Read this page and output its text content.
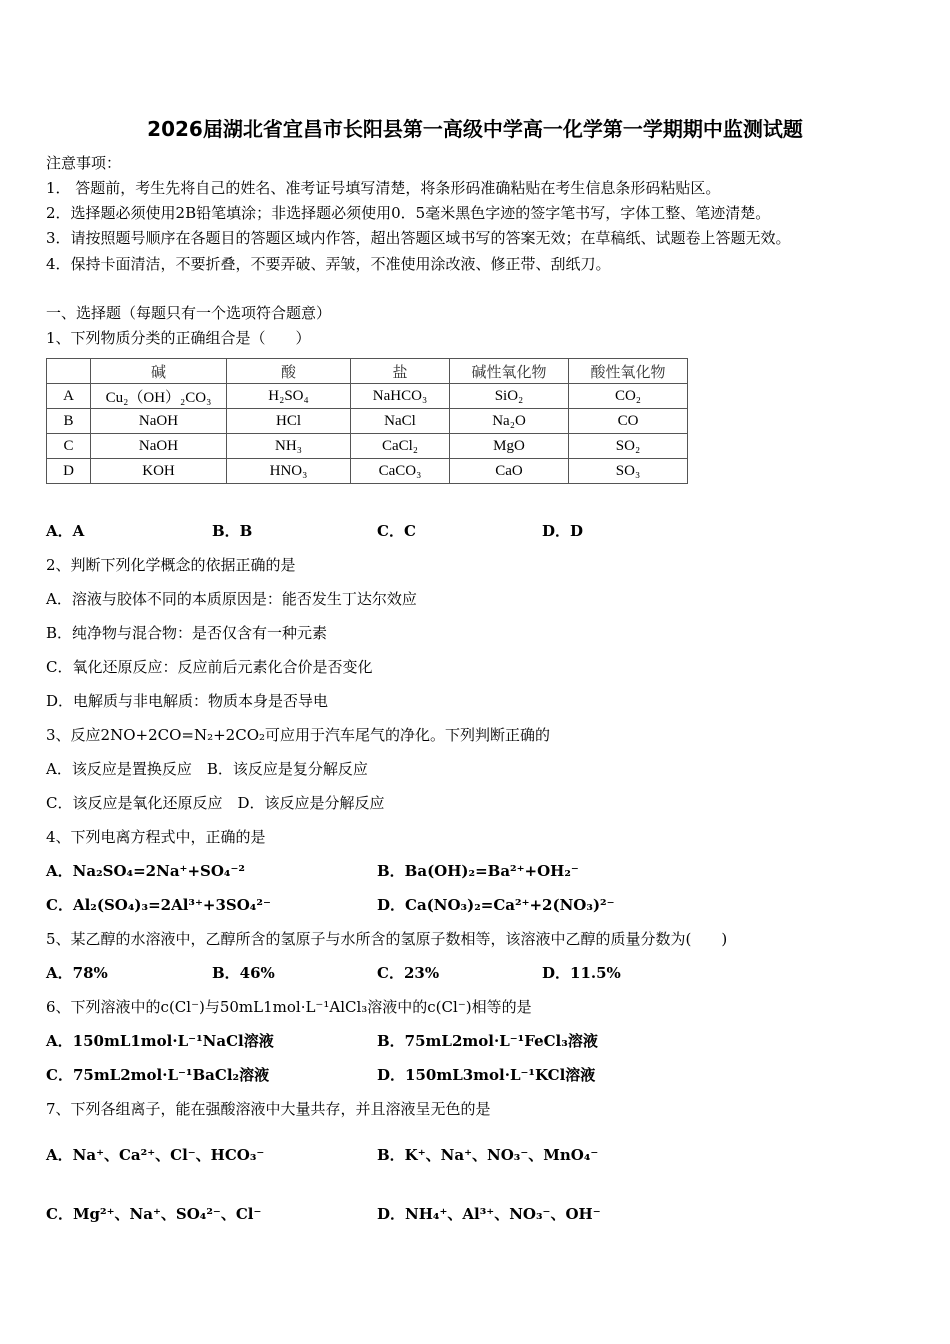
2026届湖北省宜昌市长阳县第一高级中学高一化学第一学期期中监测试题
注意事项：
1． 答题前，考生先将自己的姓名、准考证号填写清楚，将条形码准确粘贴在考生信息条形码粘贴区。
2．选择题必须使用2B铅笔填涂；非选择题必须使用0．5毫米黑色字迹的签字笔书写，字体工整、笔迹清楚。
3．请按照题号顺序在各题目的答题区域内作答，超出答题区域书写的答案无效；在草稿纸、试题卷上答题无效。
4．保持卡面清洁，不要折叠，不要弄破、弄皱，不准使用涂改液、修正带、刮纸刀。
一、选择题（每题只有一个选项符合题意）
1、下列物质分类的正确组合是（　　）
	碱	酸	盐	碱性氧化物	酸性氧化物
A	Cu₂（OH）₂CO₃	H₂SO₄	NaHCO₃	SiO₂	CO₂
B	NaOH	HCl	NaCl	Na₂O	CO
C	NaOH	NH₃	CaCl₂	MgO	SO₂
D	KOH	HNO₃	CaCO₃	CaO	SO₃
A．A	B．B	C．C	D．D
2、判断下列化学概念的依据正确的是
A．溶液与胶体不同的本质原因是：能否发生丁达尔效应
B．纯净物与混合物：是否仅含有一种元素
C．氧化还原反应：反应前后元素化合价是否变化
D．电解质与非电解质：物质本身是否导电
3、反应2NO+2CO=N₂+2CO₂可应用于汽车尾气的净化。下列判断正确的
A．该反应是置换反应　B．该反应是复分解反应
C．该反应是氧化还原反应　D．该反应是分解反应
4、下列电离方程式中，正确的是
A．Na₂SO₄=2Na⁺+SO₄⁻²	B．Ba(OH)₂=Ba²⁺+OH₂⁻
C．Al₂(SO₄)₃=2Al³⁺+3SO₄²⁻	D．Ca(NO₃)₂=Ca²⁺+2(NO₃)²⁻
5、某乙醇的水溶液中，乙醇所含的氢原子与水所含的氢原子数相等，该溶液中乙醇的质量分数为(　　)
A．78%	B．46%	C．23%	D．11.5%
6、下列溶液中的c(Cl⁻)与50mL1mol·L⁻¹AlCl₃溶液中的c(Cl⁻)相等的是
A．150mL1mol·L⁻¹NaCl溶液	B．75mL2mol·L⁻¹FeCl₃溶液
C．75mL2mol·L⁻¹BaCl₂溶液	D．150mL3mol·L⁻¹KCl溶液
7、下列各组离子，能在强酸溶液中大量共存，并且溶液呈无色的是
A．Na⁺、Ca²⁺、Cl⁻、HCO₃⁻	B．K⁺、Na⁺、NO₃⁻、MnO₄⁻
C．Mg²⁺、Na⁺、SO₄²⁻、Cl⁻	D．NH₄⁺、Al³⁺、NO₃⁻、OH⁻
